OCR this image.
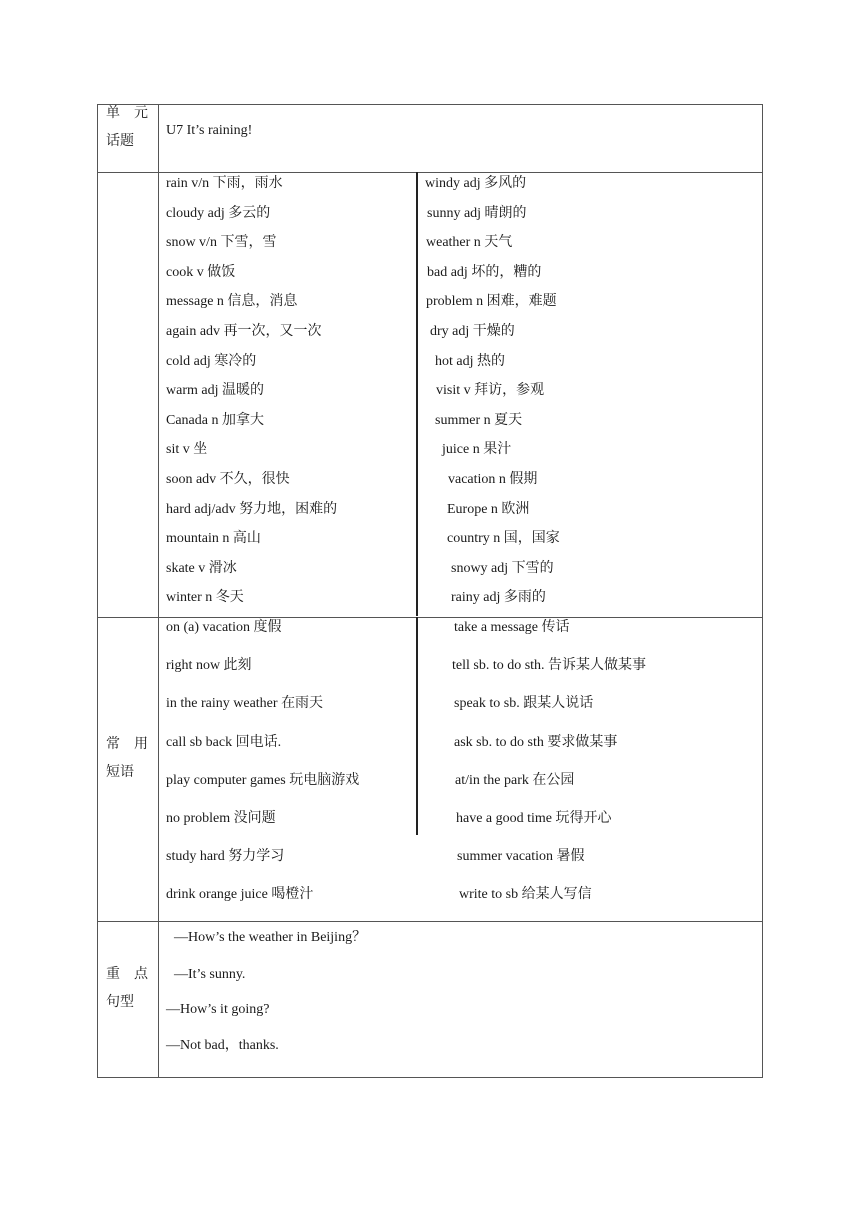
单　元
话题
U7 It’s raining!
rain v/n 下雨，雨水
cloudy adj 多云的
snow v/n 下雪，雪
cook v 做饭
message n 信息，消息
again adv 再一次，又一次
cold adj 寒冷的
warm adj 温暖的
Canada n 加拿大
sit v 坐
soon adv 不久，很快
hard adj/adv 努力地，困难的
mountain n 高山
skate v 滑冰
winter n 冬天
windy adj 多风的
sunny adj 晴朗的
weather n 天气
bad adj 坏的，糟的
problem n 困难，难题
dry adj 干燥的
hot adj 热的
visit v 拜访，参观
summer n 夏天
juice n 果汁
vacation n 假期
Europe n 欧洲
country n 国，国家
snowy adj 下雪的
rainy adj 多雨的
常　用
短语
on (a) vacation 度假
right now 此刻
in the rainy weather 在雨天
call sb back 回电话.
play computer games 玩电脑游戏
no problem 没问题
study hard 努力学习
drink orange juice 喝橙汁
take a message 传话
tell sb. to do sth. 告诉某人做某事
speak to sb. 跟某人说话
ask sb. to do sth 要求做某事
at/in the park 在公园
have a good time 玩得开心
summer vacation 暑假
write to sb 给某人写信
重　点
句型
—How’s the weather in Beijing？
—It’s sunny.
—How’s it going?
—Not bad，thanks.
